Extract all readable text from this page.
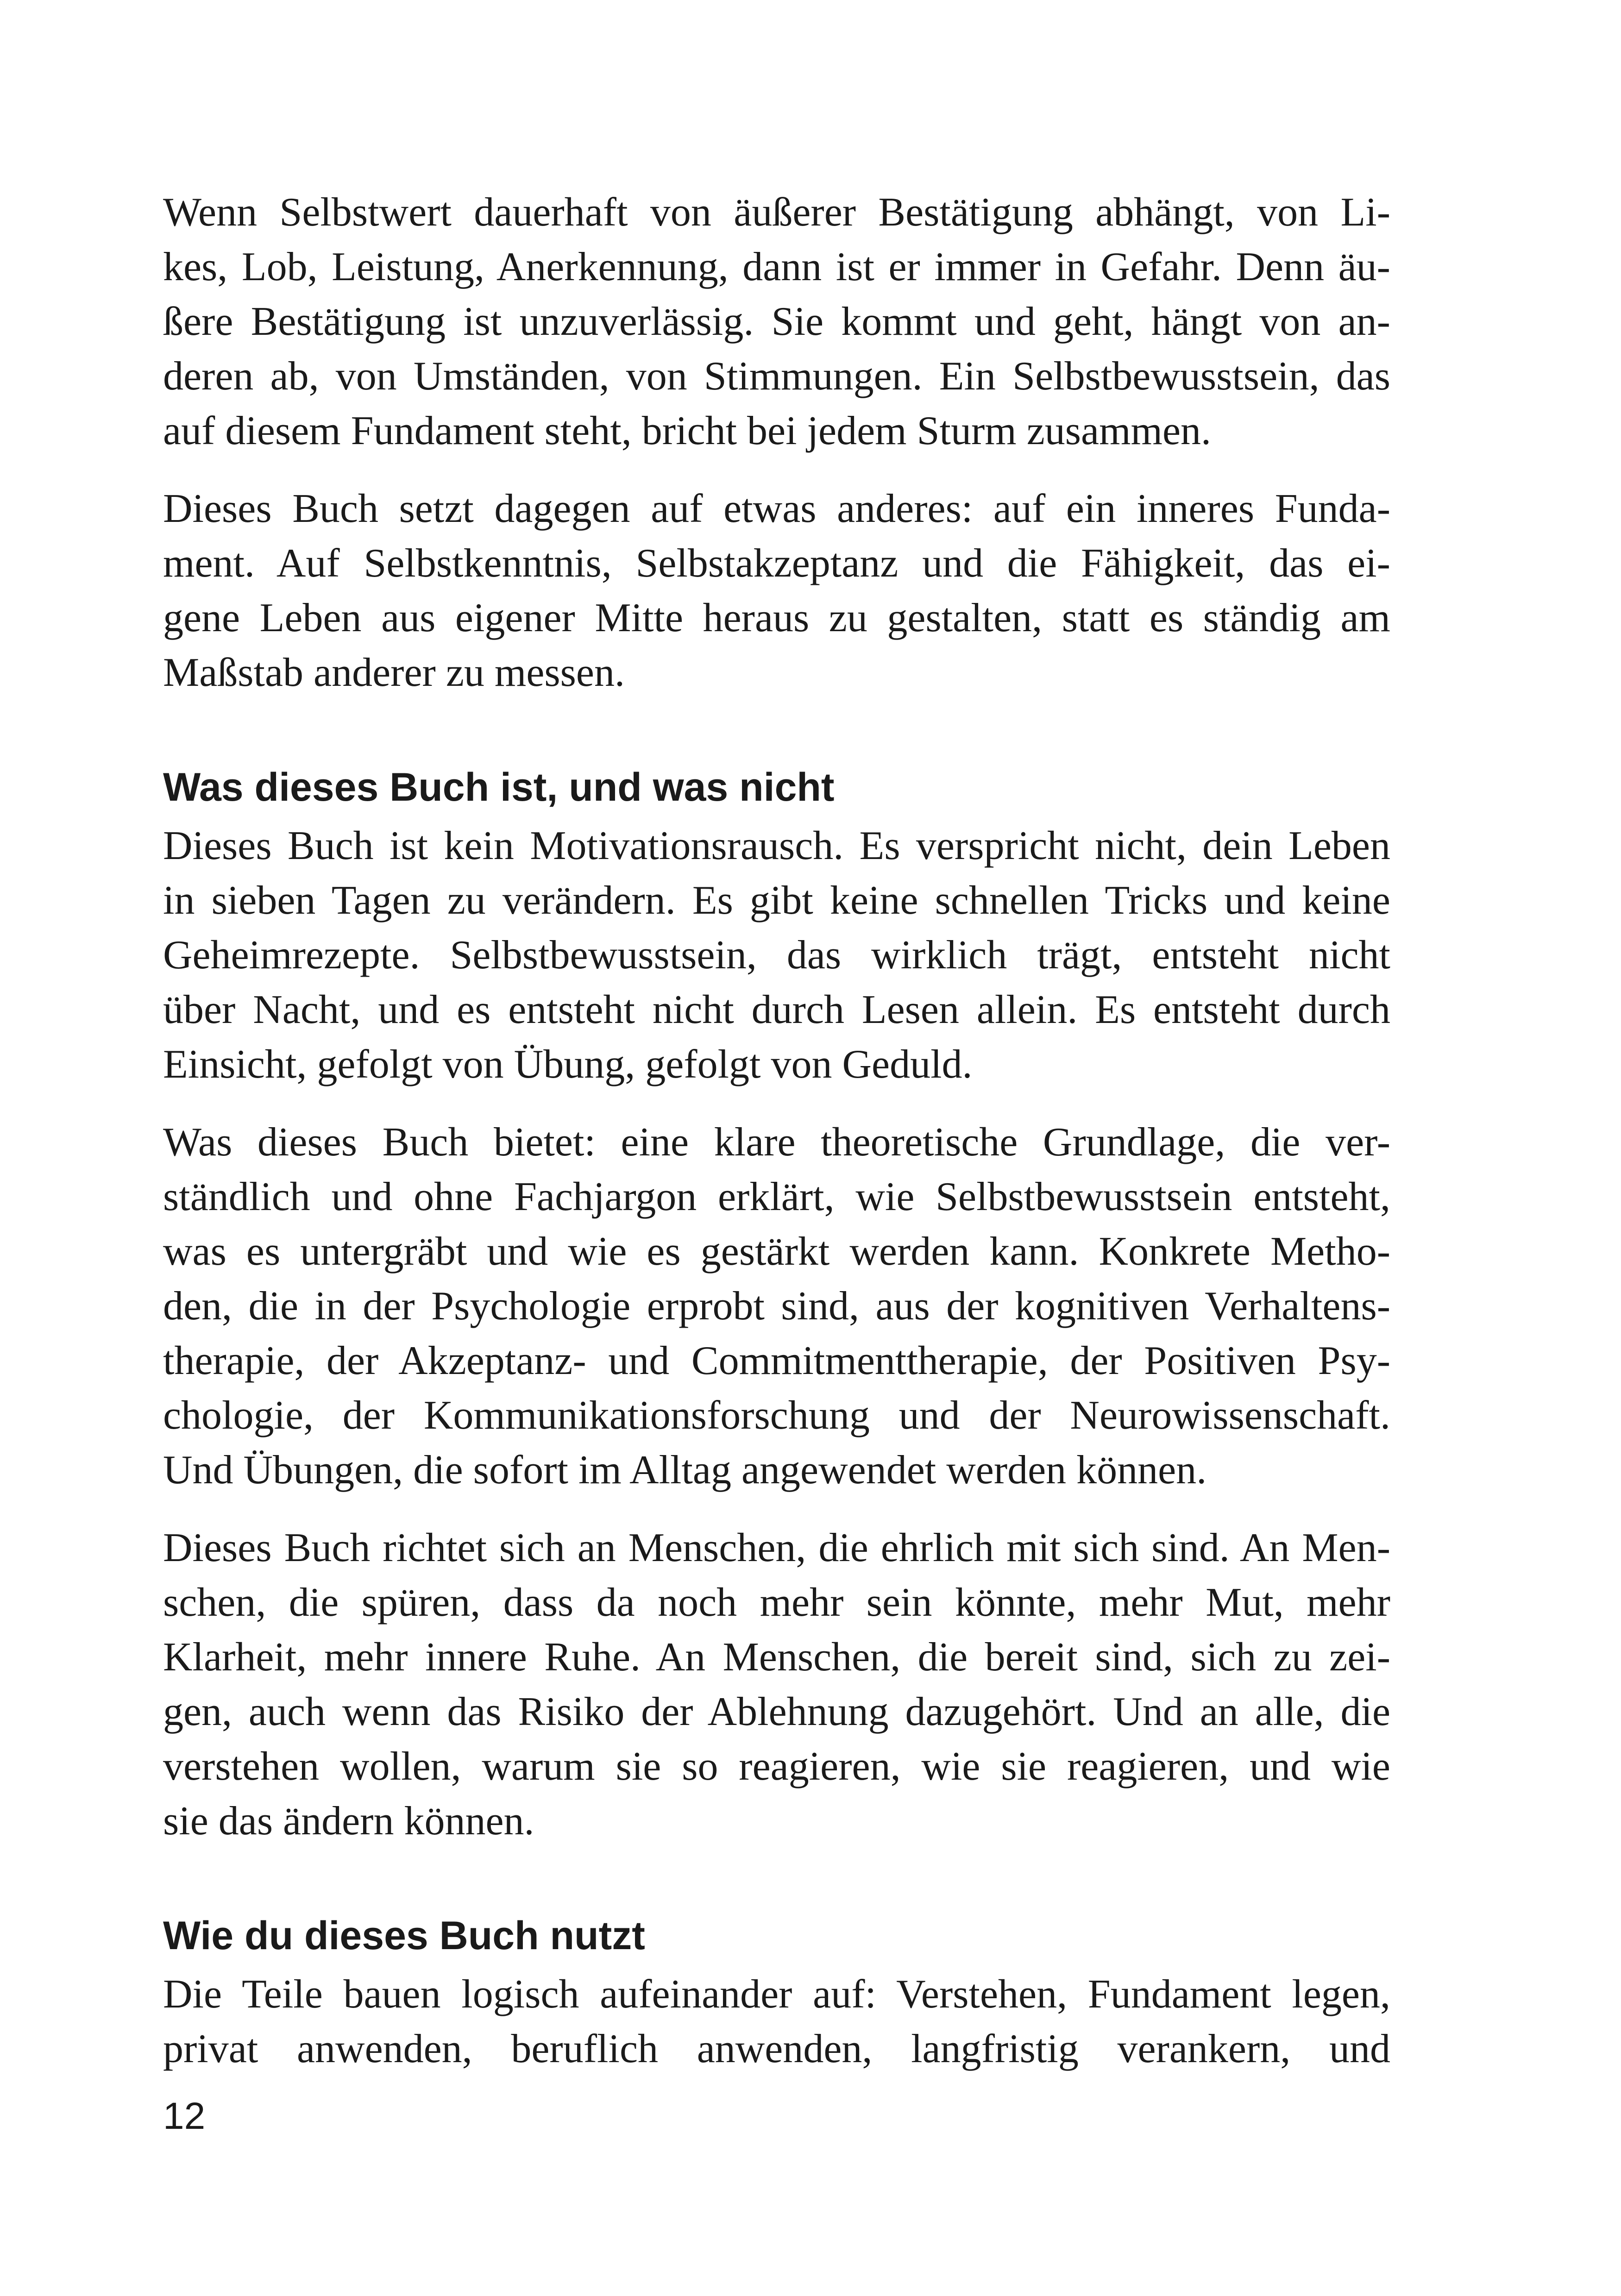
Wenn Selbstwert dauerhaft von äußerer Bestätigung abhängt, von Li-
kes, Lob, Leistung, Anerkennung, dann ist er immer in Gefahr. Denn äu-
ßere Bestätigung ist unzuverlässig. Sie kommt und geht, hängt von an-
deren ab, von Umständen, von Stimmungen. Ein Selbstbewusstsein, das
auf diesem Fundament steht, bricht bei jedem Sturm zusammen.

Dieses Buch setzt dagegen auf etwas anderes: auf ein inneres Funda-
ment. Auf Selbstkenntnis, Selbstakzeptanz und die Fähigkeit, das ei-
gene Leben aus eigener Mitte heraus zu gestalten, statt es ständig am
Maßstab anderer zu messen.

Was dieses Buch ist, und was nicht

Dieses Buch ist kein Motivationsrausch. Es verspricht nicht, dein Leben
in sieben Tagen zu verändern. Es gibt keine schnellen Tricks und keine
Geheimrezepte. Selbstbewusstsein, das wirklich trägt, entsteht nicht
über Nacht, und es entsteht nicht durch Lesen allein. Es entsteht durch
Einsicht, gefolgt von Übung, gefolgt von Geduld.

Was dieses Buch bietet: eine klare theoretische Grundlage, die ver-
ständlich und ohne Fachjargon erklärt, wie Selbstbewusstsein entsteht,
was es untergräbt und wie es gestärkt werden kann. Konkrete Metho-
den, die in der Psychologie erprobt sind, aus der kognitiven Verhaltens-
therapie, der Akzeptanz- und Commitmenttherapie, der Positiven Psy-
chologie, der Kommunikationsforschung und der Neurowissenschaft.
Und Übungen, die sofort im Alltag angewendet werden können.

Dieses Buch richtet sich an Menschen, die ehrlich mit sich sind. An Men-
schen, die spüren, dass da noch mehr sein könnte, mehr Mut, mehr
Klarheit, mehr innere Ruhe. An Menschen, die bereit sind, sich zu zei-
gen, auch wenn das Risiko der Ablehnung dazugehört. Und an alle, die
verstehen wollen, warum sie so reagieren, wie sie reagieren, und wie
sie das ändern können.

Wie du dieses Buch nutzt

Die Teile bauen logisch aufeinander auf: Verstehen, Fundament legen,
privat anwenden, beruflich anwenden, langfristig verankern, und

12
